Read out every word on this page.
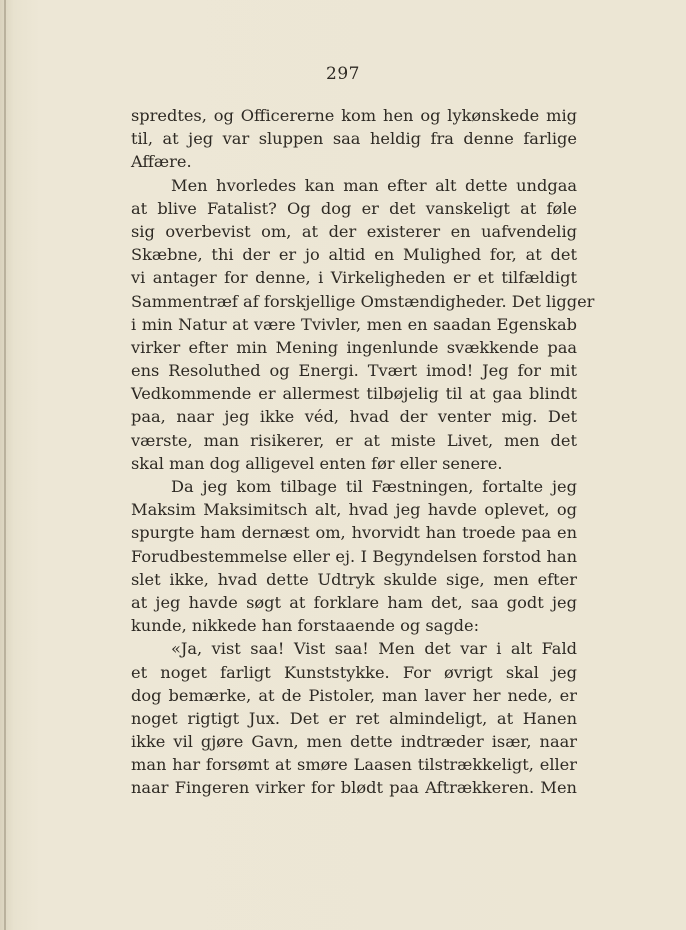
297
spredtes, og Officererne kom hen og lykønskede mig
til, at jeg var sluppen saa heldig fra denne farlige
Affære.
Men hvorledes kan man efter alt dette undgaa
at blive Fatalist? Og dog er det vanskeligt at føle
sig overbevist om, at der existerer en uafvendelig
Skæbne, thi der er jo altid en Mulighed for, at det
vi antager for denne, i Virkeligheden er et tilfældigt
Sammentræf af forskjellige Omstændigheder. Det ligger
i min Natur at være Tvivler, men en saadan Egenskab
virker efter min Mening ingenlunde svækkende paa
ens Resoluthed og Energi. Tvært imod! Jeg for mit
Vedkommende er allermest tilbøjelig til at gaa blindt
paa, naar jeg ikke véd, hvad der venter mig. Det
værste, man risikerer, er at miste Livet, men det
skal man dog alligevel enten før eller senere.
Da jeg kom tilbage til Fæstningen, fortalte jeg
Maksim Maksimitsch alt, hvad jeg havde oplevet, og
spurgte ham dernæst om, hvorvidt han troede paa en
Forudbestemmelse eller ej. I Begyndelsen forstod han
slet ikke, hvad dette Udtryk skulde sige, men efter
at jeg havde søgt at forklare ham det, saa godt jeg
kunde, nikkede han forstaaende og sagde:
«Ja, vist saa! Vist saa! Men det var i alt Fald
et noget farligt Kunststykke. For øvrigt skal jeg
dog bemærke, at de Pistoler, man laver her nede, er
noget rigtigt Jux. Det er ret almindeligt, at Hanen
ikke vil gjøre Gavn, men dette indtræder især, naar
man har forsømt at smøre Laasen tilstrækkeligt, eller
naar Fingeren virker for blødt paa Aftrækkeren. Men
